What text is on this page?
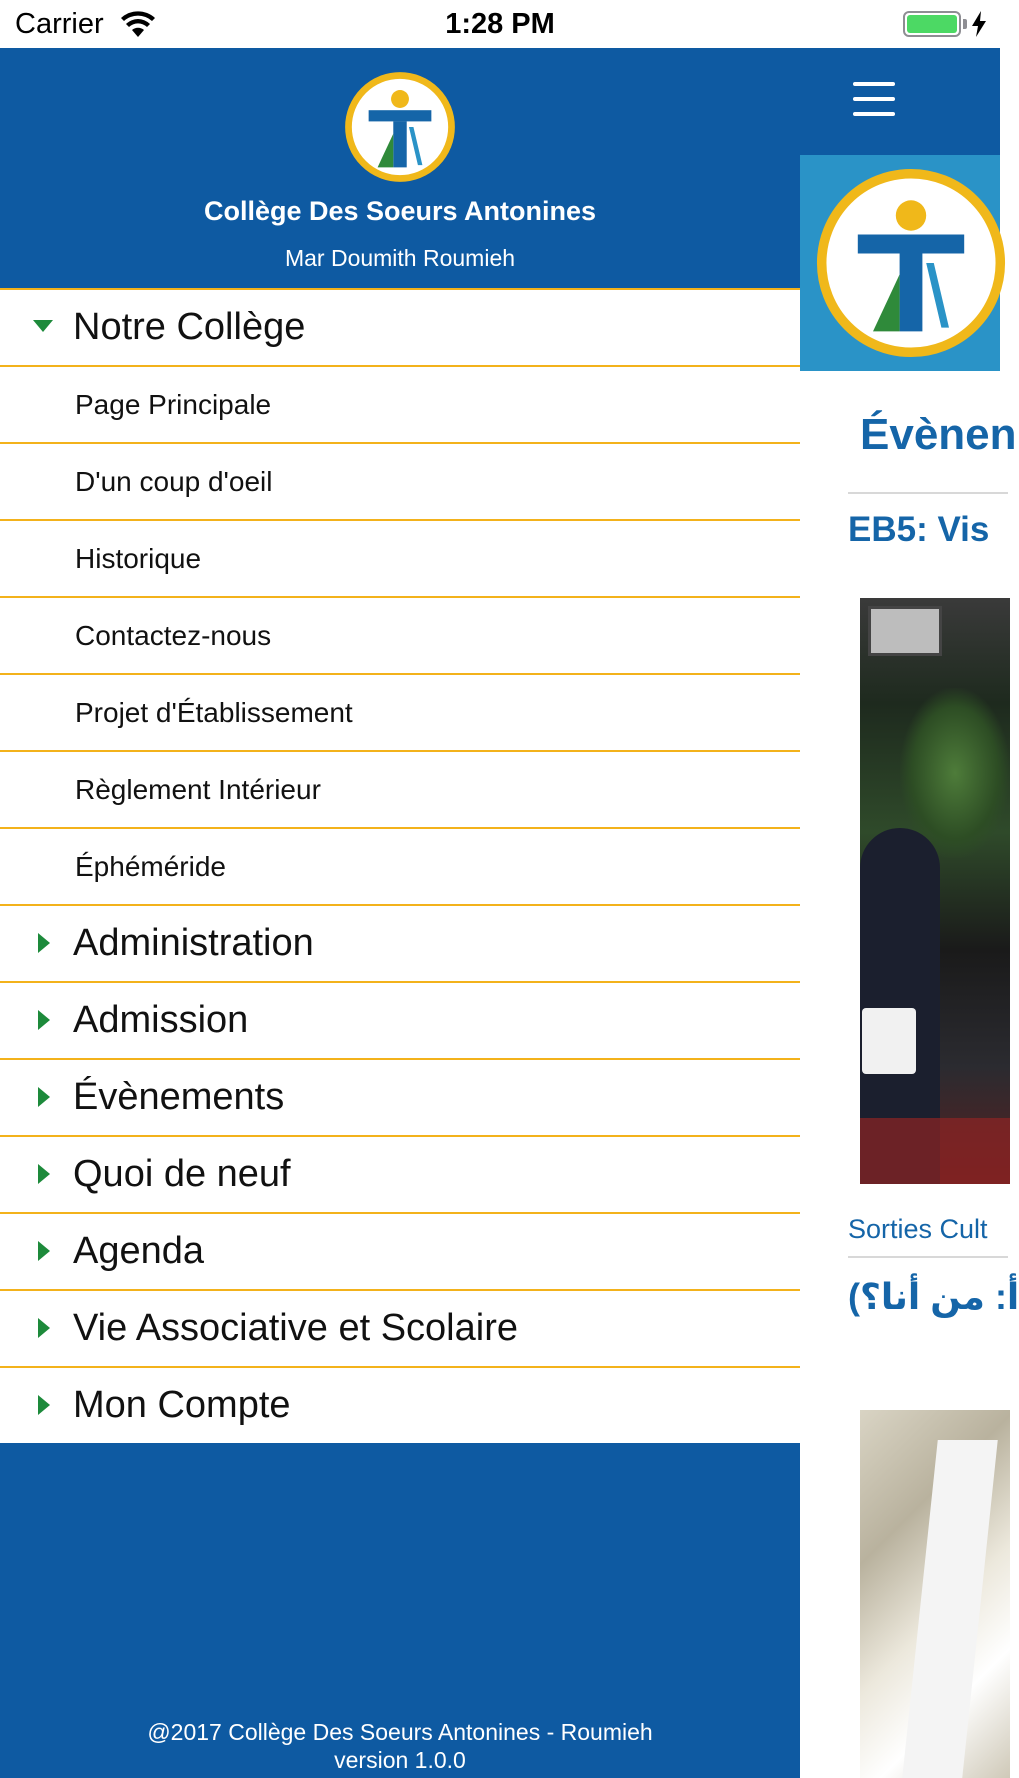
Carrier	1:28 PM
Évènen
EB5: Vis
Sorties Cult
(أ: من أنا؟
Collège Des Soeurs Antonines
Mar Doumith Roumieh
Notre Collège
Page Principale
D'un coup d'oeil
Historique
Contactez-nous
Projet d'Établissement
Règlement Intérieur
Éphéméride
Administration
Admission
Évènements
Quoi de neuf
Agenda
Vie Associative et Scolaire
Mon Compte
@2017 Collège Des Soeurs Antonines - Roumieh
version 1.0.0
